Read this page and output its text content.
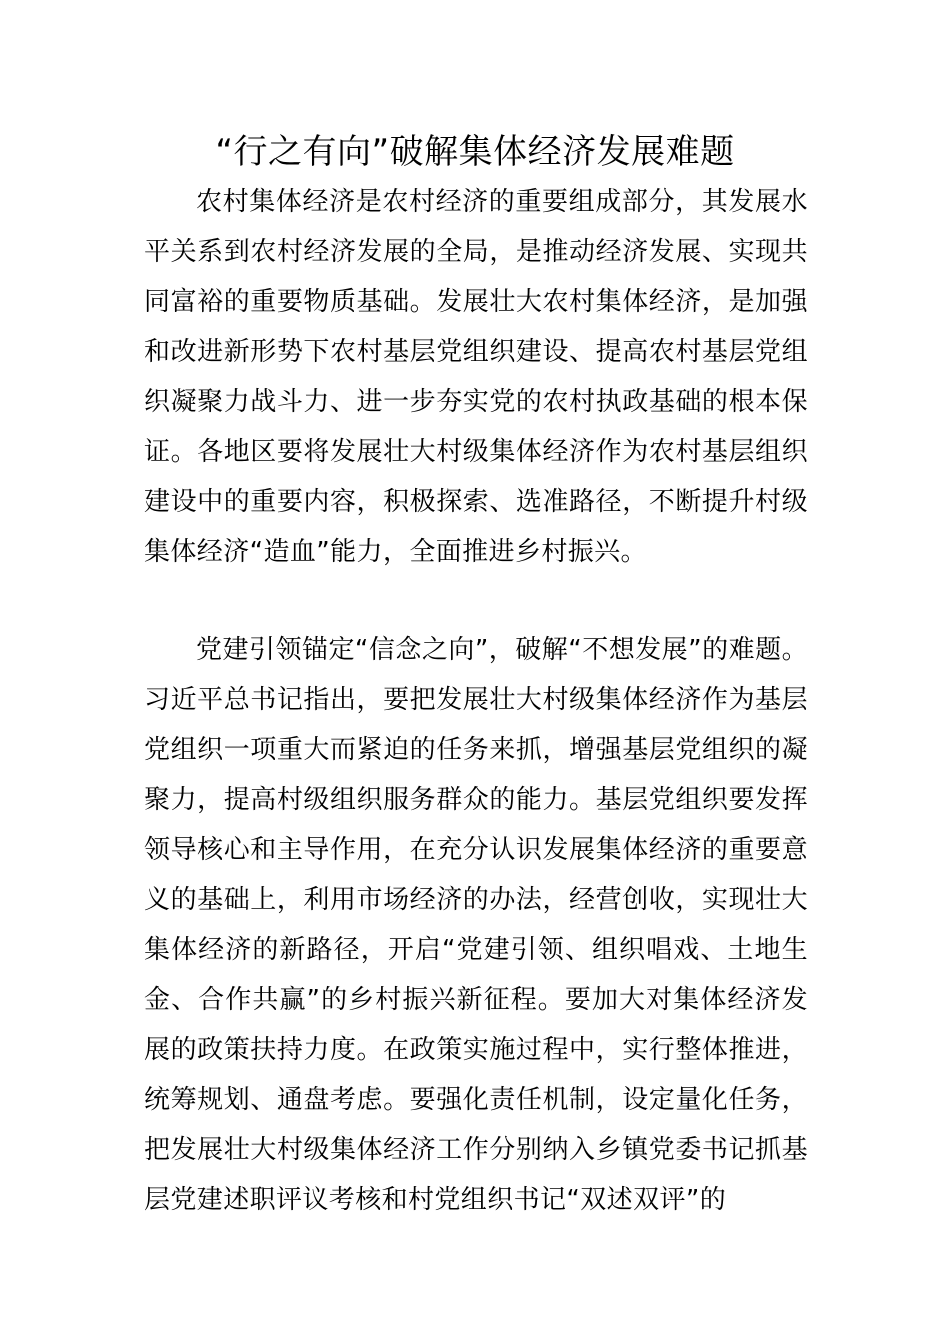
“行之有向”破解集体经济发展难题

农村集体经济是农村经济的重要组成部分，其发展水平关系到农村经济发展的全局，是推动经济发展、实现共同富裕的重要物质基础。发展壮大农村集体经济，是加强和改进新形势下农村基层党组织建设、提高农村基层党组织凝聚力战斗力、进一步夯实党的农村执政基础的根本保证。各地区要将发展壮大村级集体经济作为农村基层组织建设中的重要内容，积极探索、选准路径，不断提升村级集体经济“造血”能力，全面推进乡村振兴。

党建引领锚定“信念之向”，破解“不想发展”的难题。习近平总书记指出，要把发展壮大村级集体经济作为基层党组织一项重大而紧迫的任务来抓，增强基层党组织的凝聚力，提高村级组织服务群众的能力。基层党组织要发挥领导核心和主导作用，在充分认识发展集体经济的重要意义的基础上，利用市场经济的办法，经营创收，实现壮大集体经济的新路径，开启“党建引领、组织唱戏、土地生金、合作共赢”的乡村振兴新征程。要加大对集体经济发展的政策扶持力度。在政策实施过程中，实行整体推进，统筹规划、通盘考虑。要强化责任机制，设定量化任务，把发展壮大村级集体经济工作分别纳入乡镇党委书记抓基层党建述职评议考核和村党组织书记“双述双评”的
